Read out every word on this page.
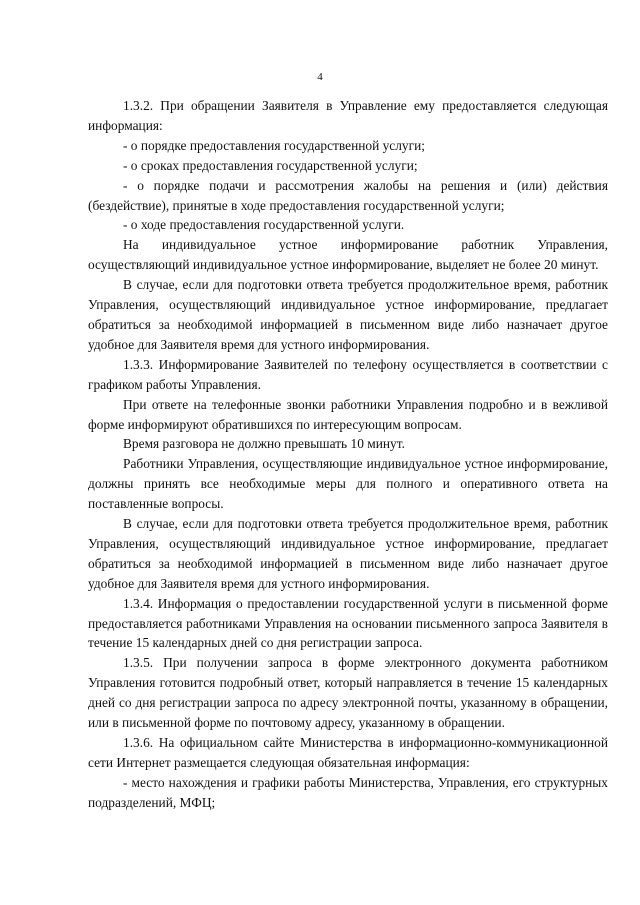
4

1.3.2. При обращении Заявителя в Управление ему предоставляется следующая информация:

- о порядке предоставления государственной услуги;

- о сроках предоставления государственной услуги;

- о порядке подачи и рассмотрения жалобы на решения и (или) действия (бездействие), принятые в ходе предоставления государственной услуги;

- о ходе предоставления государственной услуги.

На индивидуальное устное информирование работник Управления, осуществляющий индивидуальное устное информирование, выделяет не более 20 минут.

В случае, если для подготовки ответа требуется продолжительное время, работник Управления, осуществляющий индивидуальное устное информирование, предлагает обратиться за необходимой информацией в письменном виде либо назначает другое удобное для Заявителя время для устного информирования.

1.3.3. Информирование Заявителей по телефону осуществляется в соответствии с графиком работы Управления.

При ответе на телефонные звонки работники Управления подробно и в вежливой форме информируют обратившихся по интересующим вопросам.

Время разговора не должно превышать 10 минут.

Работники Управления, осуществляющие индивидуальное устное информирование, должны принять все необходимые меры для полного и оперативного ответа на поставленные вопросы.

В случае, если для подготовки ответа требуется продолжительное время, работник Управления, осуществляющий индивидуальное устное информирование, предлагает обратиться за необходимой информацией в письменном виде либо назначает другое удобное для Заявителя время для устного информирования.

1.3.4. Информация о предоставлении государственной услуги в письменной форме предоставляется работниками Управления на основании письменного запроса Заявителя в течение 15 календарных дней со дня регистрации запроса.

1.3.5. При получении запроса в форме электронного документа работником Управления готовится подробный ответ, который направляется в течение 15 календарных дней со дня регистрации запроса по адресу электронной почты, указанному в обращении, или в письменной форме по почтовому адресу, указанному в обращении.

1.3.6. На официальном сайте Министерства в информационно-коммуникационной сети Интернет размещается следующая обязательная информация:

- место нахождения и графики работы Министерства, Управления, его структурных подразделений, МФЦ;
